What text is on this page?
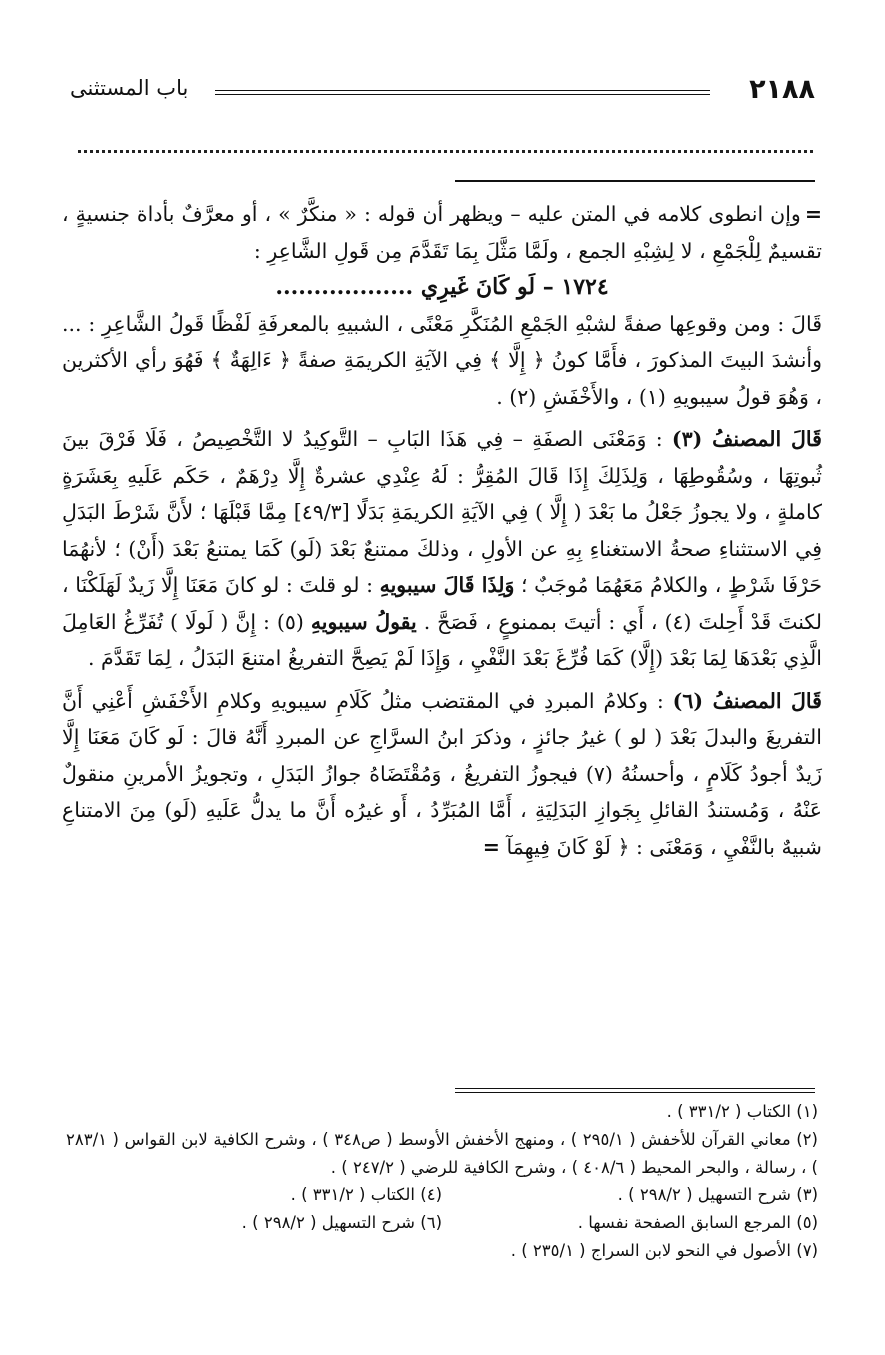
٢١٨٨
باب المستثنى

=وإن انطوى كلامه في المتن عليه – ويظهر أن قوله : « منكَّرٌ » ، أو معرَّفٌ بأداة جنسيةٍ ، تقسيمٌ لِلْجَمْعِ ، لا لِشِبْهِ الجمع ، ولَمَّا مَثَّلَ بِمَا تَقَدَّمَ مِن قَولِ الشَّاعِرِ :

١٧٢٤ – لَو كَانَ غَيرِي ..................

قَالَ : ومن وقوعِها صفةً لشبْهِ الجَمْعِ المُنَكَّرِ مَعْنًى ، الشبيهِ بالمعرفَةِ لَفْظًا قَولُ الشَّاعِرِ : ... وأنشدَ البيتَ المذكورَ ، فأَمَّا كونُ ﴿ إِلَّا ﴾ فِي الآيَةِ الكريمَةِ صفةً ﴿ ءَالِهَةٌ ﴾ فَهُوَ رأي الأكثرين ، وَهُوَ قولُ سيبويهِ (١) ، والأَخْفَشِ (٢) .

قَالَ المصنفُ (٣) : وَمَعْنَى الصفَةِ – فِي هَذَا البَابِ – التَّوكِيدُ لا التَّخْصِيصُ ، فَلَا فَرْقَ بينَ ثُبوتِهَا ، وسُقُوطِهَا ، وَلِذَلِكَ إِذَا قَالَ المُقِرُّ : لَهُ عِنْدِي عشرةٌ إِلَّا دِرْهَمٌ ، حَكَم عَلَيهِ بِعَشَرَةٍ كاملةٍ ، ولا يجوزُ جَعْلُ ما بَعْدَ ( إِلَّا ) فِي الآيَةِ الكريمَةِ بَدَلًا [٤٩/٣] مِمَّا قَبْلَهَا ؛ لأَنَّ شَرْطَ البَدَلِ فِي الاستثناءِ صحةُ الاستغناءِ بِهِ عن الأولِ ، وذلكَ ممتنعٌ بَعْدَ (لَو) كَمَا يمتنعُ بَعْدَ (أَنْ) ؛ لأنهُمَا حَرْفَا شَرْطٍ ، والكلامُ مَعَهُمَا مُوجَبٌ ؛ وَلِذَا قَالَ سيبويهِ : لو قلتَ : لو كانَ مَعَنَا إِلَّا زَيدٌ لَهَلَكْنَا ، لكنتَ قَدْ أَحِلتَ (٤) ، أَي : أتيتَ بممنوعٍ ، فَصَحَّ . يقولُ سيبويهِ (٥) : إِنَّ ( لَولَا ) تُفَرِّغُ العَامِلَ الَّذِي بَعْدَهَا لِمَا بَعْدَ (إِلَّا) كَمَا فُرِّغَ بَعْدَ النَّفْيِ ، وَإِذَا لَمْ يَصِحَّ التفريغُ امتنعَ البَدَلُ ، لِمَا تَقَدَّمَ .

قَالَ المصنفُ (٦) : وكلامُ المبردِ في المقتضب مثلُ كَلَامِ سيبويهِ وكلامِ الأَخْفَشِ أَعْنِي أَنَّ التفريغَ والبدلَ بَعْدَ ( لو ) غيرُ جائزٍ ، وذكرَ ابنُ السرَّاجِ عن المبردِ أَنَّهُ قالَ : لَو كَانَ مَعَنَا إِلَّا زَيدٌ أجودُ كَلَامٍ ، وأحسنُهُ (٧) فيجوزُ التفريغُ ، وَمُقْتَضَاهُ جوازُ البَدَلِ ، وتجويزُ الأمرينِ منقولٌ عَنْهُ ، وَمُستندُ القائلِ بِجَوازِ البَدَلِيَةِ ، أَمَّا المُبَرِّدُ ، أَو غيرُه أَنَّ ما يدلُّ عَلَيهِ (لَو) مِنَ الامتناعِ شبيهٌ بالنَّفْيِ ، وَمَعْنَى : ﴿ لَوْ كَانَ فِيهِمَآ =

(١) الكتاب ( ٣٣١/٢ ) .

(٢) معاني القرآن للأخفش ( ٢٩٥/١ ) ، ومنهج الأخفش الأوسط ( ص٣٤٨ ) ، وشرح الكافية لابن القواس ( ٢٨٣/١ ) ، رسالة ، والبحر المحيط ( ٤٠٨/٦ ) ، وشرح الكافية للرضي ( ٢٤٧/٢ ) .

(٣) شرح التسهيل ( ٢٩٨/٢ ) .
(٤) الكتاب ( ٣٣١/٢ ) .
(٥) المرجع السابق الصفحة نفسها .
(٦) شرح التسهيل ( ٢٩٨/٢ ) .

(٧) الأصول في النحو لابن السراج ( ٢٣٥/١ ) .
